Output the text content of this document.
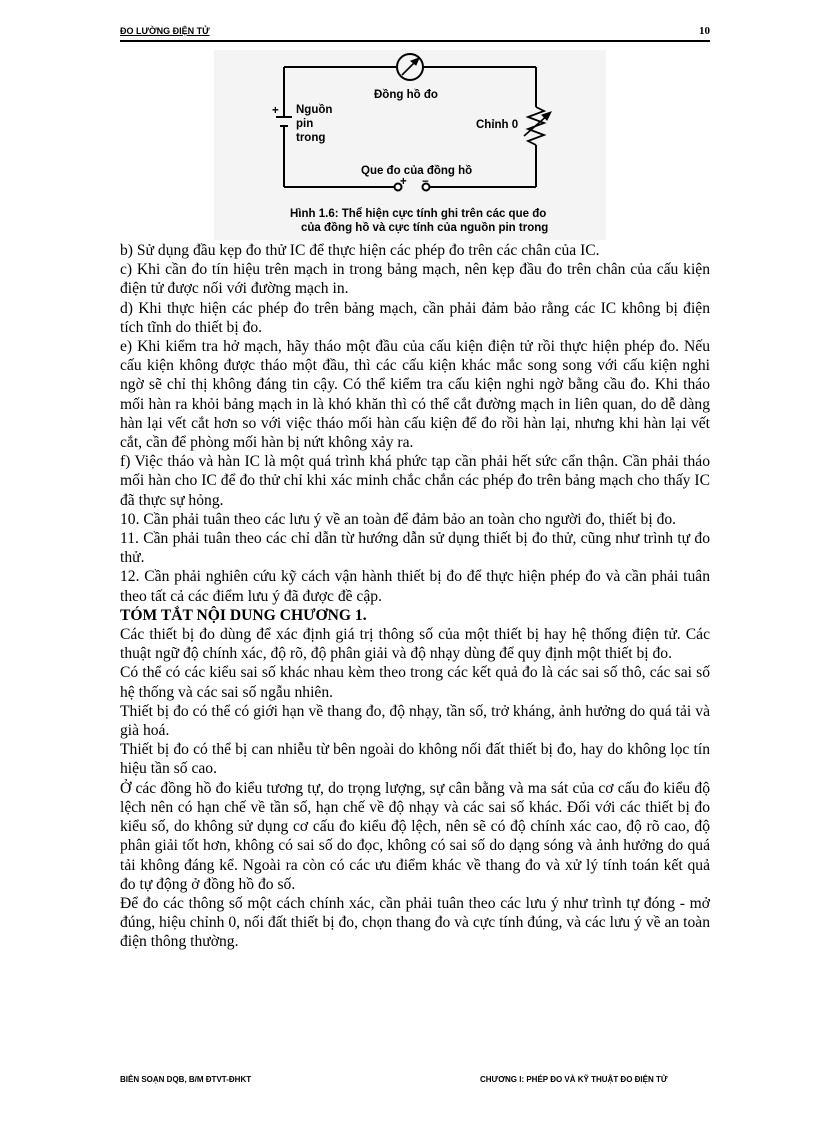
ĐO LƯỜNG ĐIỆN TỬ	10
Đồng hồ đo
+ Nguồn
pin
trong
Chỉnh 0
Que đo của đồng hồ
+ −
Hình 1.6: Thể hiện cực tính ghi trên các que đo
của đồng hồ và cực tính của nguồn pin trong

b) Sử dụng đầu kẹp đo thử IC để thực hiện các phép đo trên các chân của IC.

c) Khi cần đo tín hiệu trên mạch in trong bảng mạch, nên kẹp đầu đo trên chân của cấu kiện điện tử được nối với đường mạch in.

d) Khi thực hiện các phép đo trên bảng mạch, cần phải đảm bảo rằng các IC không bị điện tích tĩnh do thiết bị đo.

e) Khi kiểm tra hở mạch, hãy tháo một đầu của cấu kiện điện tử rồi thực hiện phép đo. Nếu cấu kiện không được tháo một đầu, thì các cấu kiện khác mắc song song với cấu kiện nghi ngờ sẽ chỉ thị không đáng tin cậy. Có thể kiểm tra cấu kiện nghi ngờ bằng cầu đo. Khi tháo mối hàn ra khỏi bảng mạch in là khó khăn thì có thể cắt đường mạch in liên quan, do dễ dàng hàn lại vết cắt hơn so với việc tháo mối hàn cấu kiện để đo rồi hàn lại, nhưng khi hàn lại vết cắt, cần để phòng mối hàn bị nứt không xảy ra.

f) Việc tháo và hàn IC là một quá trình khá phức tạp cần phải hết sức cẩn thận. Cần phải tháo mối hàn cho IC để đo thử chỉ khi xác minh chắc chắn các phép đo trên bảng mạch cho thấy IC đã thực sự hỏng.

10. Cần phải tuân theo các lưu ý về an toàn để đảm bảo an toàn cho người đo, thiết bị đo.

11. Cần phải tuân theo các chỉ dẫn từ hướng dẫn sử dụng thiết bị đo thử, cũng như trình tự đo thử.

12. Cần phải nghiên cứu kỹ cách vận hành thiết bị đo để thực hiện phép đo và cần phải tuân theo tất cả các điểm lưu ý đã được đề cập.

TÓM TẮT NỘI DUNG CHƯƠNG 1.

Các thiết bị đo dùng để xác định giá trị thông số của một thiết bị hay hệ thống điện tử. Các thuật ngữ độ chính xác, độ rõ, độ phân giải và độ nhạy dùng để quy định một thiết bị đo.

Có thể có các kiểu sai số khác nhau kèm theo trong các kết quả đo là các sai số thô, các sai số hệ thống và các sai số ngẫu nhiên.

Thiết bị đo có thể có giới hạn về thang đo, độ nhạy, tần số, trở kháng, ảnh hưởng do quá tải và già hoá.

Thiết bị đo có thể bị can nhiễu từ bên ngoài do không nối đất thiết bị đo, hay do không lọc tín hiệu tần số cao.

Ở các đồng hồ đo kiểu tương tự, do trọng lượng, sự cân bằng và ma sát của cơ cấu đo kiểu độ lệch nên có hạn chế về tần số, hạn chế về độ nhạy và các sai số khác. Đối với các thiết bị đo kiểu số, do không sử dụng cơ cấu đo kiểu độ lệch, nên sẽ có độ chính xác cao, độ rõ cao, độ phân giải tốt hơn, không có sai số do đọc, không có sai số do dạng sóng và ảnh hưởng do quá tải không đáng kể. Ngoài ra còn có các ưu điểm khác về thang đo và xử lý tính toán kết quả đo tự động ở đồng hồ đo số.

Để đo các thông số một cách chính xác, cần phải tuân theo các lưu ý như trình tự đóng - mở đúng, hiệu chỉnh 0, nối đất thiết bị đo, chọn thang đo và cực tính đúng, và các lưu ý về an toàn điện thông thường.

BIÊN SOẠN DQB, B/M ĐTVT-ĐHKT	CHƯƠNG I: PHÉP ĐO VÀ KỸ THUẬT ĐO ĐIỆN TỬ
